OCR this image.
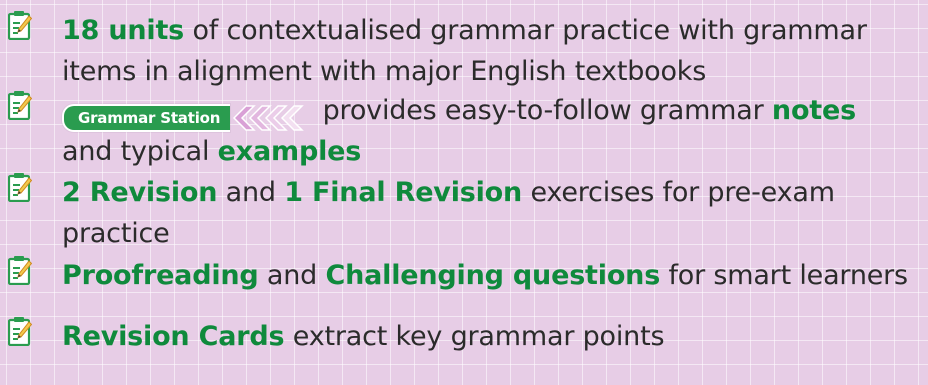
18 units of contextualised grammar practice with grammar
items in alignment with major English textbooks
Grammar Station	provides easy-to-follow grammar notes
and typical examples
2 Revision and 1 Final Revision exercises for pre-exam
practice
Proofreading and Challenging questions for smart learners
Revision Cards extract key grammar points
